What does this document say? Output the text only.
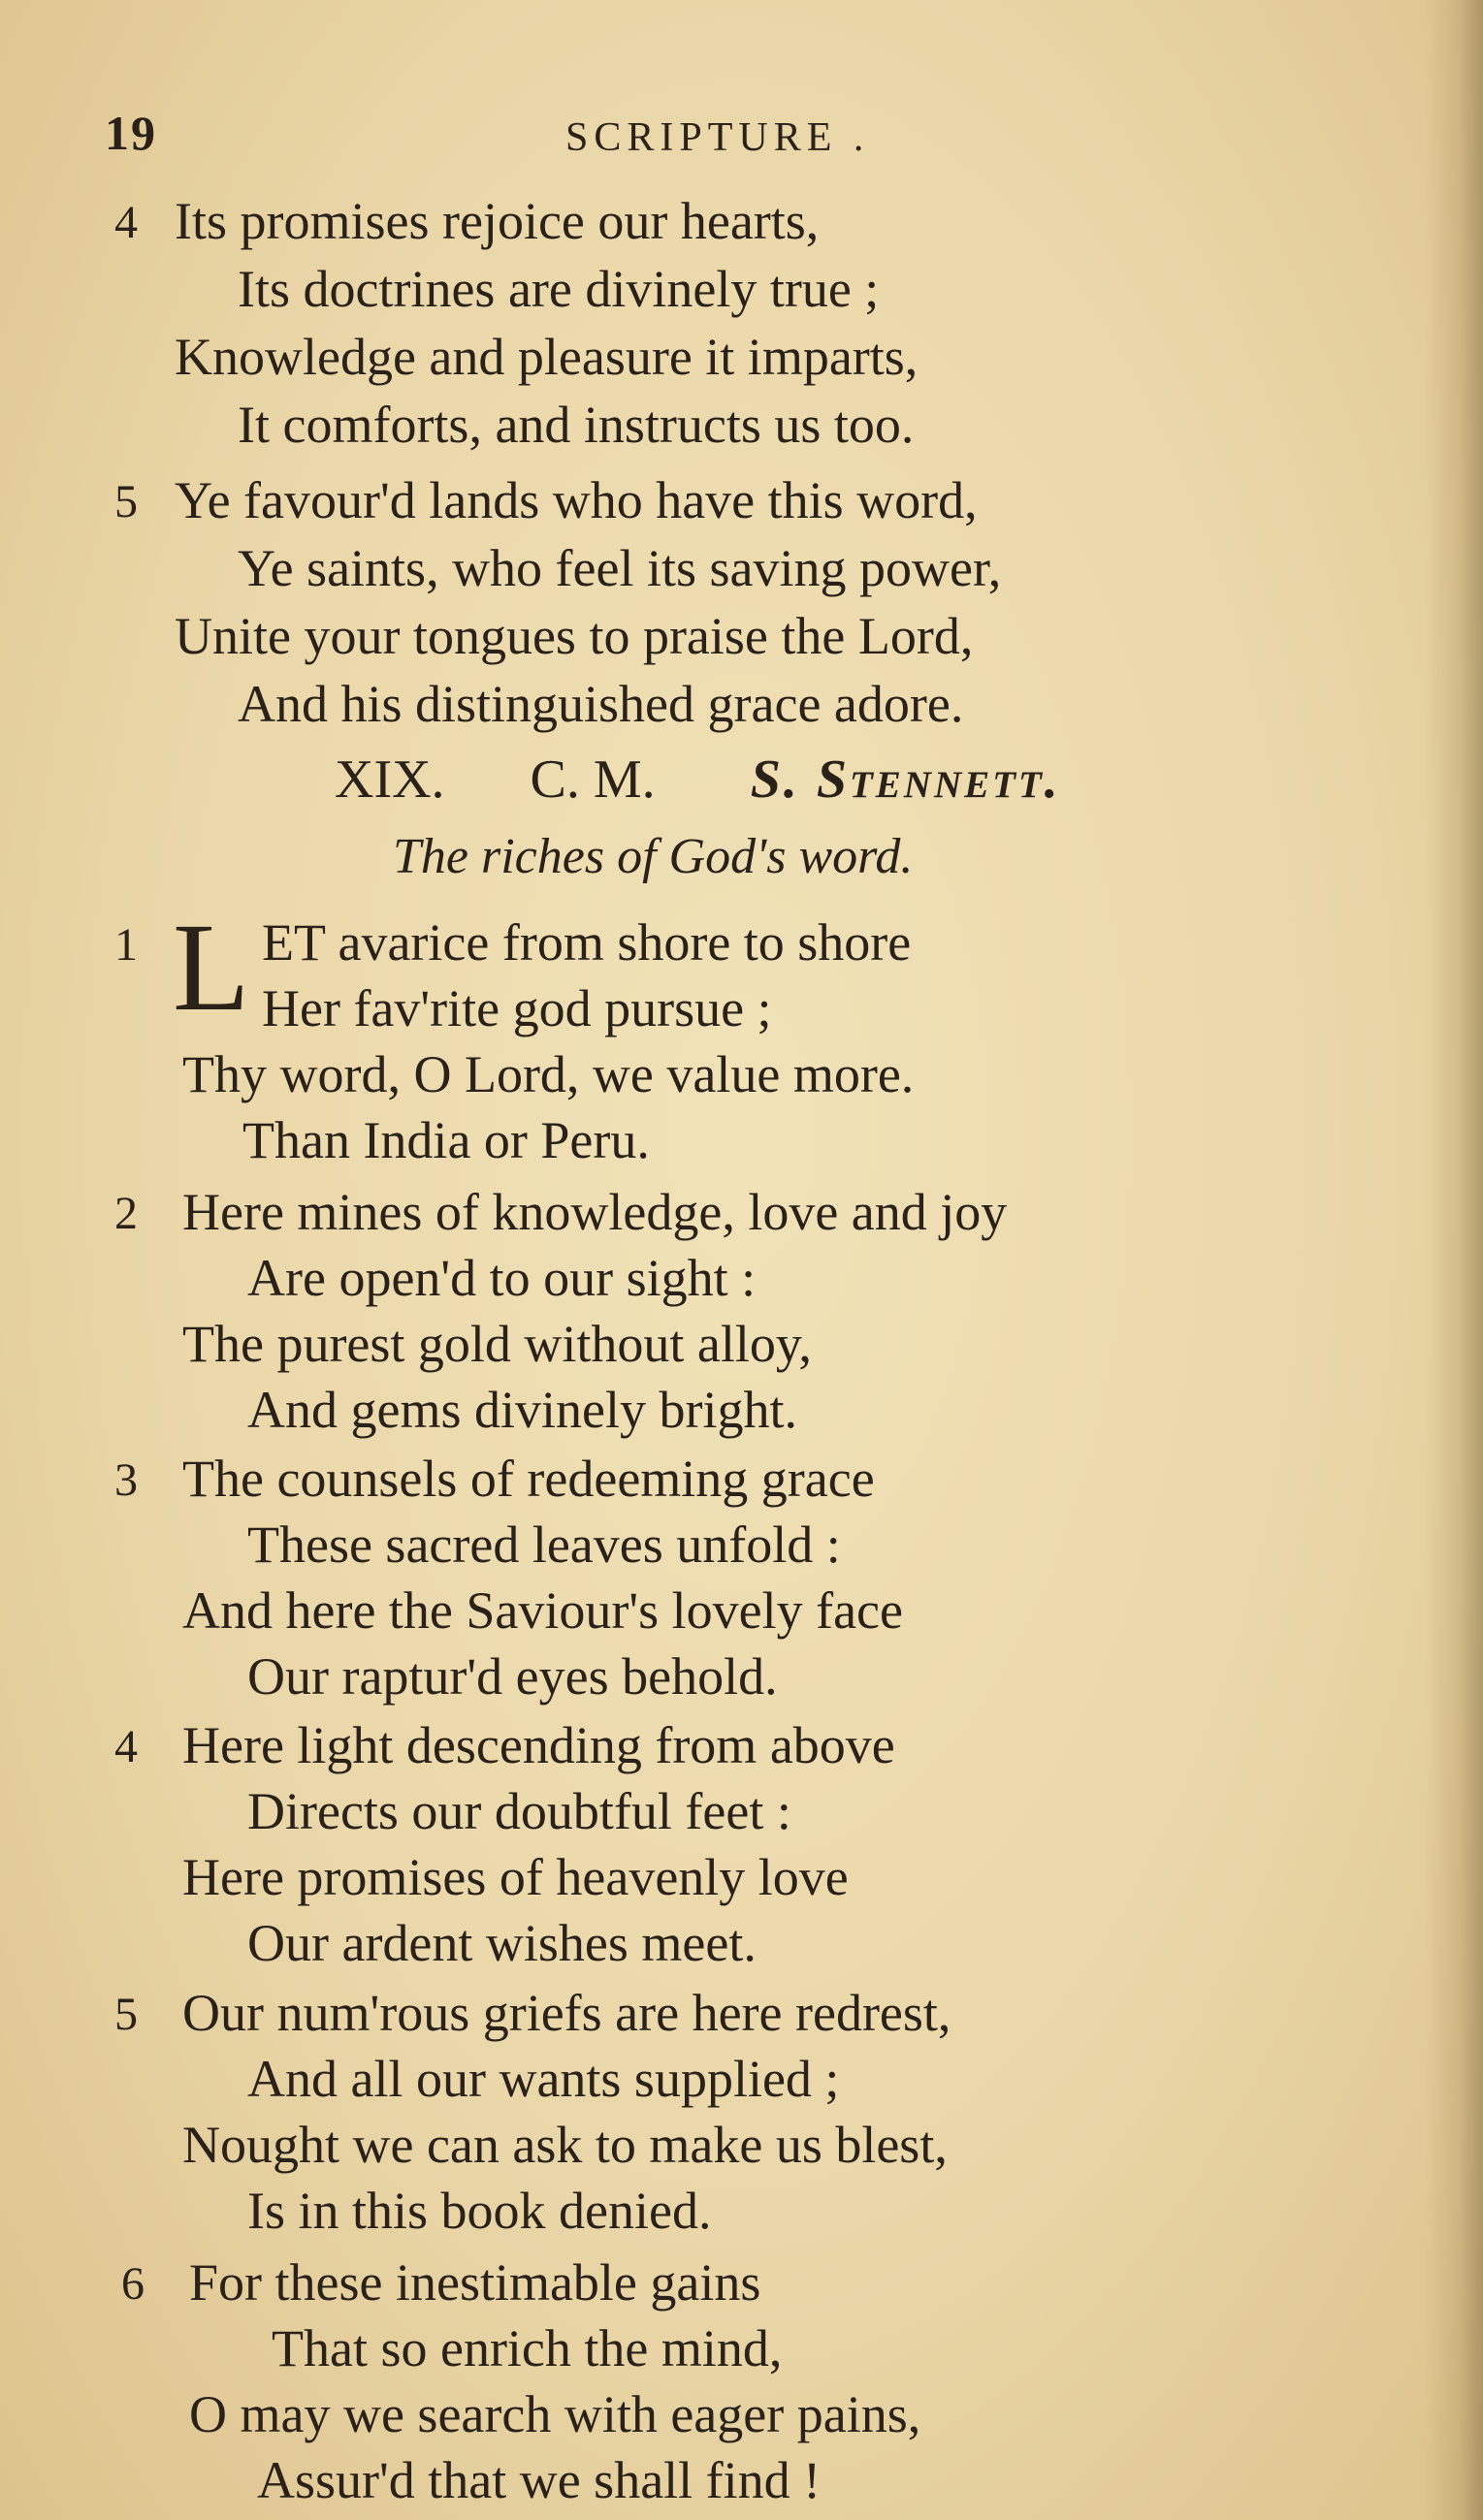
19	SCRIPTURE .
4 Its promises rejoice our hearts,
Its doctrines are divinely true ;
Knowledge and pleasure it imparts,
It comforts, and instructs us too.
5 Ye favour'd lands who have this word,
Ye saints, who feel its saving power,
Unite your tongues to praise the Lord,
And his distinguished grace adore.
XIX. C. M. S. Stennett.
The riches of God's word.
1 L ET avarice from shore to shore
Her fav'rite god pursue ;
Thy word, O Lord, we value more.
Than India or Peru.
2 Here mines of knowledge, love and joy
Are open'd to our sight :
The purest gold without alloy,
And gems divinely bright.
3 The counsels of redeeming grace
These sacred leaves unfold :
And here the Saviour's lovely face
Our raptur'd eyes behold.
4 Here light descending from above
Directs our doubtful feet :
Here promises of heavenly love
Our ardent wishes meet.
5 Our num'rous griefs are here redrest,
And all our wants supplied ;
Nought we can ask to make us blest,
Is in this book denied.
6 For these inestimable gains
That so enrich the mind,
O may we search with eager pains,
Assur'd that we shall find !
